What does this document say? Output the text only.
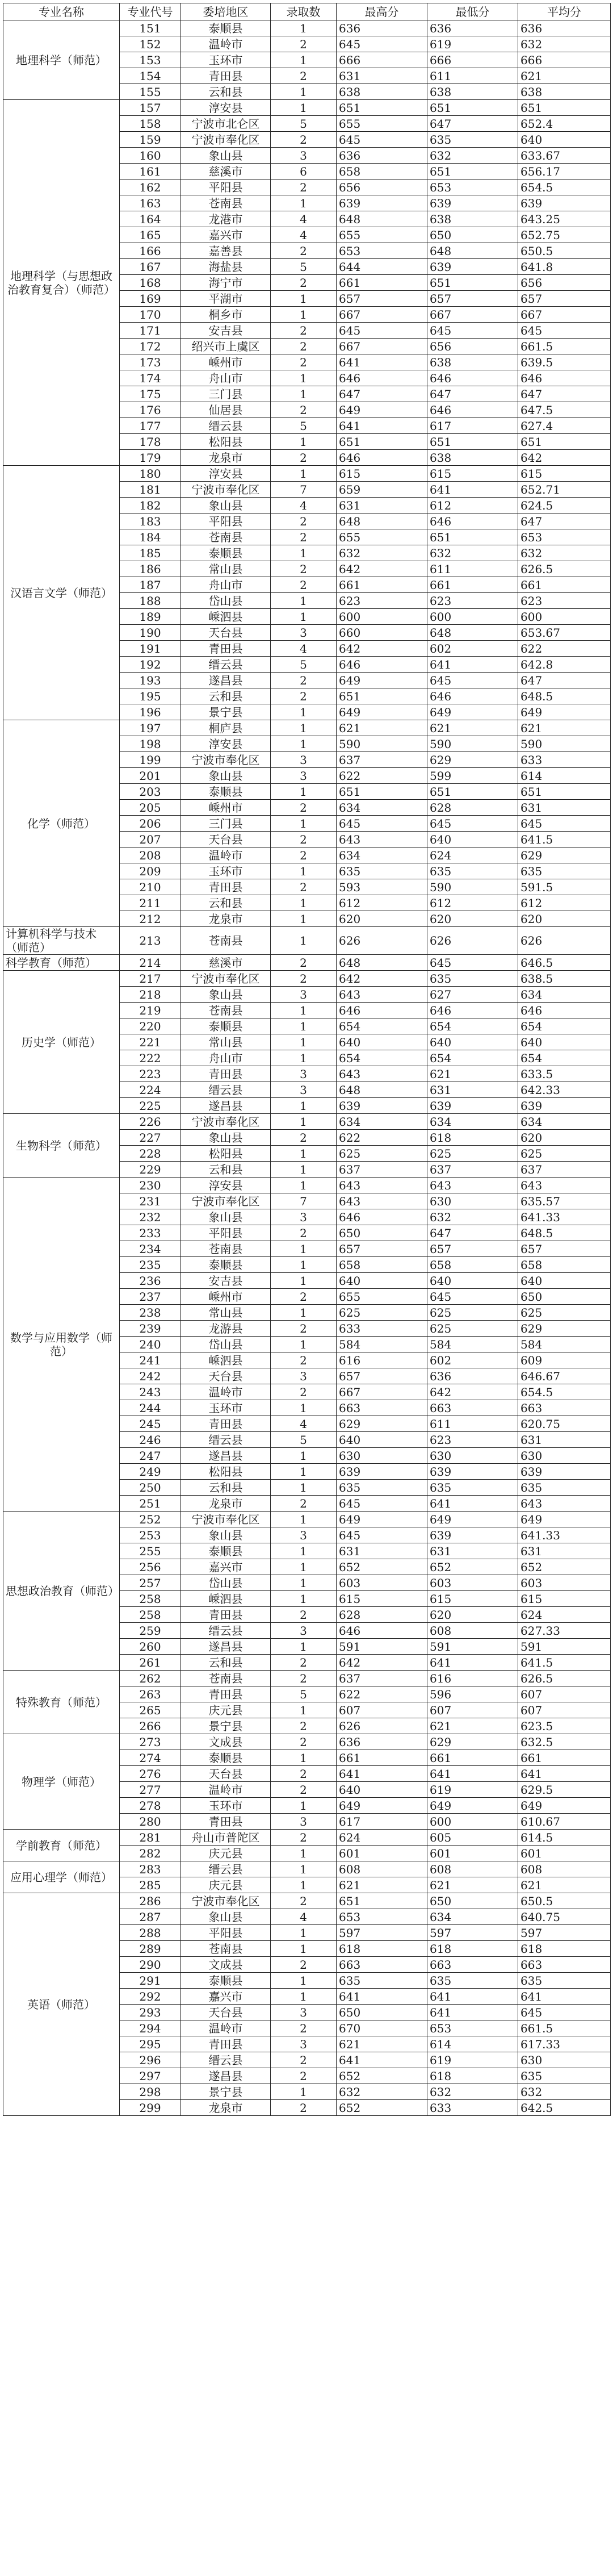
专业名称	专业代号	委培地区	录取数	最高分	最低分	平均分
地理科学（师范）	151	泰顺县	1	636	636	636
	152	温岭市	2	645	619	632
	153	玉环市	1	666	666	666
	154	青田县	2	631	611	621
	155	云和县	1	638	638	638
地理科学（与思想政治教育复合）（师范）	157	淳安县	1	651	651	651
	158	宁波市北仑区	5	655	647	652.4
	159	宁波市奉化区	2	645	635	640
	160	象山县	3	636	632	633.67
	161	慈溪市	6	658	651	656.17
	162	平阳县	2	656	653	654.5
	163	苍南县	1	639	639	639
	164	龙港市	4	648	638	643.25
	165	嘉兴市	4	655	650	652.75
	166	嘉善县	2	653	648	650.5
	167	海盐县	5	644	639	641.8
	168	海宁市	2	661	651	656
	169	平湖市	1	657	657	657
	170	桐乡市	1	667	667	667
	171	安吉县	2	645	645	645
	172	绍兴市上虞区	2	667	656	661.5
	173	嵊州市	2	641	638	639.5
	174	舟山市	1	646	646	646
	175	三门县	1	647	647	647
	176	仙居县	2	649	646	647.5
	177	缙云县	5	641	617	627.4
	178	松阳县	1	651	651	651
	179	龙泉市	2	646	638	642
汉语言文学（师范）	180	淳安县	1	615	615	615
	181	宁波市奉化区	7	659	641	652.71
	182	象山县	4	631	612	624.5
	183	平阳县	2	648	646	647
	184	苍南县	2	655	651	653
	185	泰顺县	1	632	632	632
	186	常山县	2	642	611	626.5
	187	舟山市	2	661	661	661
	188	岱山县	1	623	623	623
	189	嵊泗县	1	600	600	600
	190	天台县	3	660	648	653.67
	191	青田县	4	642	602	622
	192	缙云县	5	646	641	642.8
	193	遂昌县	2	649	645	647
	195	云和县	2	651	646	648.5
	196	景宁县	1	649	649	649
化学（师范）	197	桐庐县	1	621	621	621
	198	淳安县	1	590	590	590
	199	宁波市奉化区	3	637	629	633
	201	象山县	3	622	599	614
	203	泰顺县	1	651	651	651
	205	嵊州市	2	634	628	631
	206	三门县	1	645	645	645
	207	天台县	2	643	640	641.5
	208	温岭市	2	634	624	629
	209	玉环市	1	635	635	635
	210	青田县	2	593	590	591.5
	211	云和县	1	612	612	612
	212	龙泉市	1	620	620	620
计算机科学与技术（师范）	213	苍南县	1	626	626	626
科学教育（师范）	214	慈溪市	2	648	645	646.5
历史学（师范）	217	宁波市奉化区	2	642	635	638.5
	218	象山县	3	643	627	634
	219	苍南县	1	646	646	646
	220	泰顺县	1	654	654	654
	221	常山县	1	640	640	640
	222	舟山市	1	654	654	654
	223	青田县	3	643	621	633.5
	224	缙云县	3	648	631	642.33
	225	遂昌县	1	639	639	639
生物科学（师范）	226	宁波市奉化区	1	634	634	634
	227	象山县	2	622	618	620
	228	松阳县	1	625	625	625
	229	云和县	1	637	637	637
数学与应用数学（师范）	230	淳安县	1	643	643	643
	231	宁波市奉化区	7	643	630	635.57
	232	象山县	3	646	632	641.33
	233	平阳县	2	650	647	648.5
	234	苍南县	1	657	657	657
	235	泰顺县	1	658	658	658
	236	安吉县	1	640	640	640
	237	嵊州市	2	655	645	650
	238	常山县	1	625	625	625
	239	龙游县	2	633	625	629
	240	岱山县	1	584	584	584
	241	嵊泗县	2	616	602	609
	242	天台县	3	657	636	646.67
	243	温岭市	2	667	642	654.5
	244	玉环市	1	663	663	663
	245	青田县	4	629	611	620.75
	246	缙云县	5	640	623	631
	247	遂昌县	1	630	630	630
	249	松阳县	1	639	639	639
	250	云和县	1	635	635	635
	251	龙泉市	2	645	641	643
思想政治教育（师范）	252	宁波市奉化区	1	649	649	649
	253	象山县	3	645	639	641.33
	255	泰顺县	1	631	631	631
	256	嘉兴市	1	652	652	652
	257	岱山县	1	603	603	603
	258	嵊泗县	1	615	615	615
	258	青田县	2	628	620	624
	259	缙云县	3	646	608	627.33
	260	遂昌县	1	591	591	591
	261	云和县	2	642	641	641.5
特殊教育（师范）	262	苍南县	2	637	616	626.5
	263	青田县	5	622	596	607
	265	庆元县	1	607	607	607
	266	景宁县	2	626	621	623.5
物理学（师范）	273	文成县	2	636	629	632.5
	274	泰顺县	1	661	661	661
	276	天台县	2	641	641	641
	277	温岭市	2	640	619	629.5
	278	玉环市	1	649	649	649
	280	青田县	3	617	600	610.67
学前教育（师范）	281	舟山市普陀区	2	624	605	614.5
	282	庆元县	1	601	601	601
应用心理学（师范）	283	缙云县	1	608	608	608
	285	庆元县	1	621	621	621
英语（师范）	286	宁波市奉化区	2	651	650	650.5
	287	象山县	4	653	634	640.75
	288	平阳县	1	597	597	597
	289	苍南县	1	618	618	618
	290	文成县	2	663	663	663
	291	泰顺县	1	635	635	635
	292	嘉兴市	1	641	641	641
	293	天台县	3	650	641	645
	294	温岭市	2	670	653	661.5
	295	青田县	3	621	614	617.33
	296	缙云县	2	641	619	630
	297	遂昌县	2	652	618	635
	298	景宁县	1	632	632	632
	299	龙泉市	2	652	633	642.5
